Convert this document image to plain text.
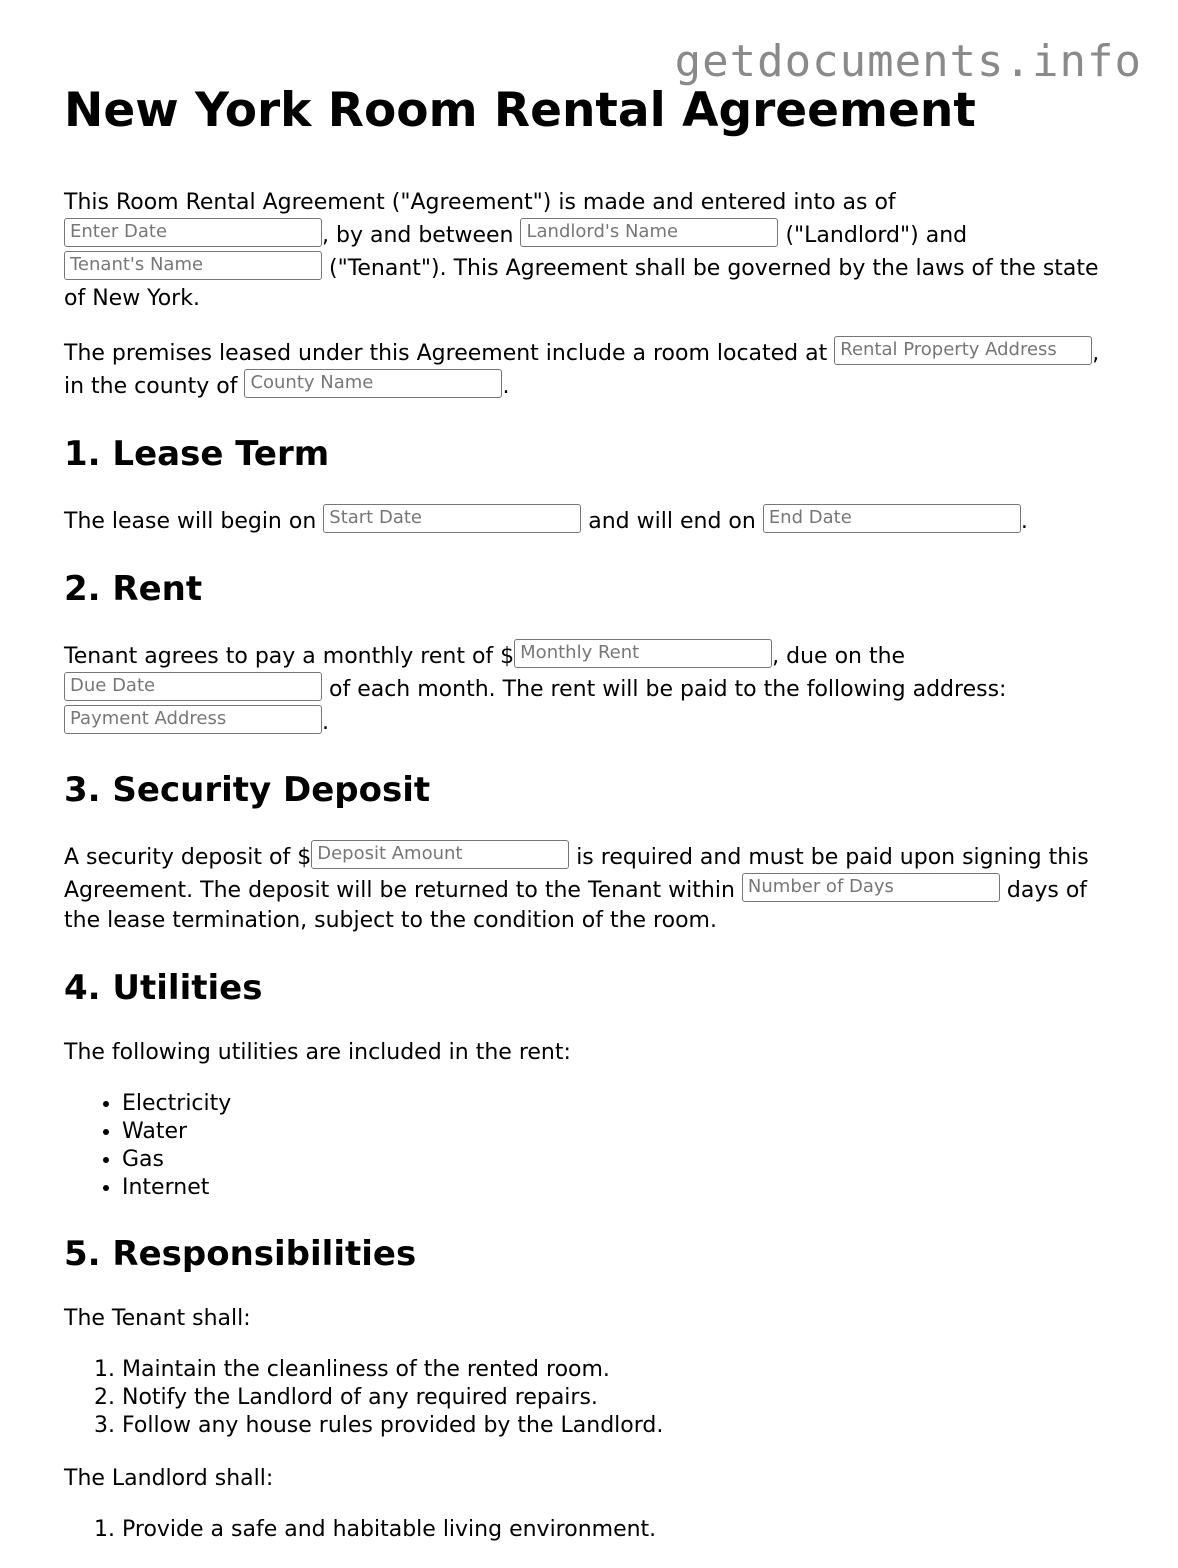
getdocuments.info
New York Room Rental Agreement

This Room Rental Agreement ("Agreement") is made and entered into as of Enter Date	, by and between Landlord's Name	("Landlord") and Tenant's Name	("Tenant"). This Agreement shall be governed by the laws of the state of New York.

The premises leased under this Agreement include a room located at Rental Property Address , in the county of County Name	.

1. Lease Term

The lease will begin on Start Date	and will end on End Date	.

2. Rent

Tenant agrees to pay a monthly rent of $ Monthly Rent	, due on the Due Date	of each month. The rent will be paid to the following address: Payment Address	.

3. Security Deposit

A security deposit of $ Deposit Amount	is required and must be paid upon signing this Agreement. The deposit will be returned to the Tenant within Number of Days	days of the lease termination, subject to the condition of the room.

4. Utilities

The following utilities are included in the rent:

• Electricity
• Water
• Gas
• Internet
5. Responsibilities

The Tenant shall:

1. Maintain the cleanliness of the rented room.
2. Notify the Landlord of any required repairs.
3. Follow any house rules provided by the Landlord.

The Landlord shall:

1. Provide a safe and habitable living environment.
